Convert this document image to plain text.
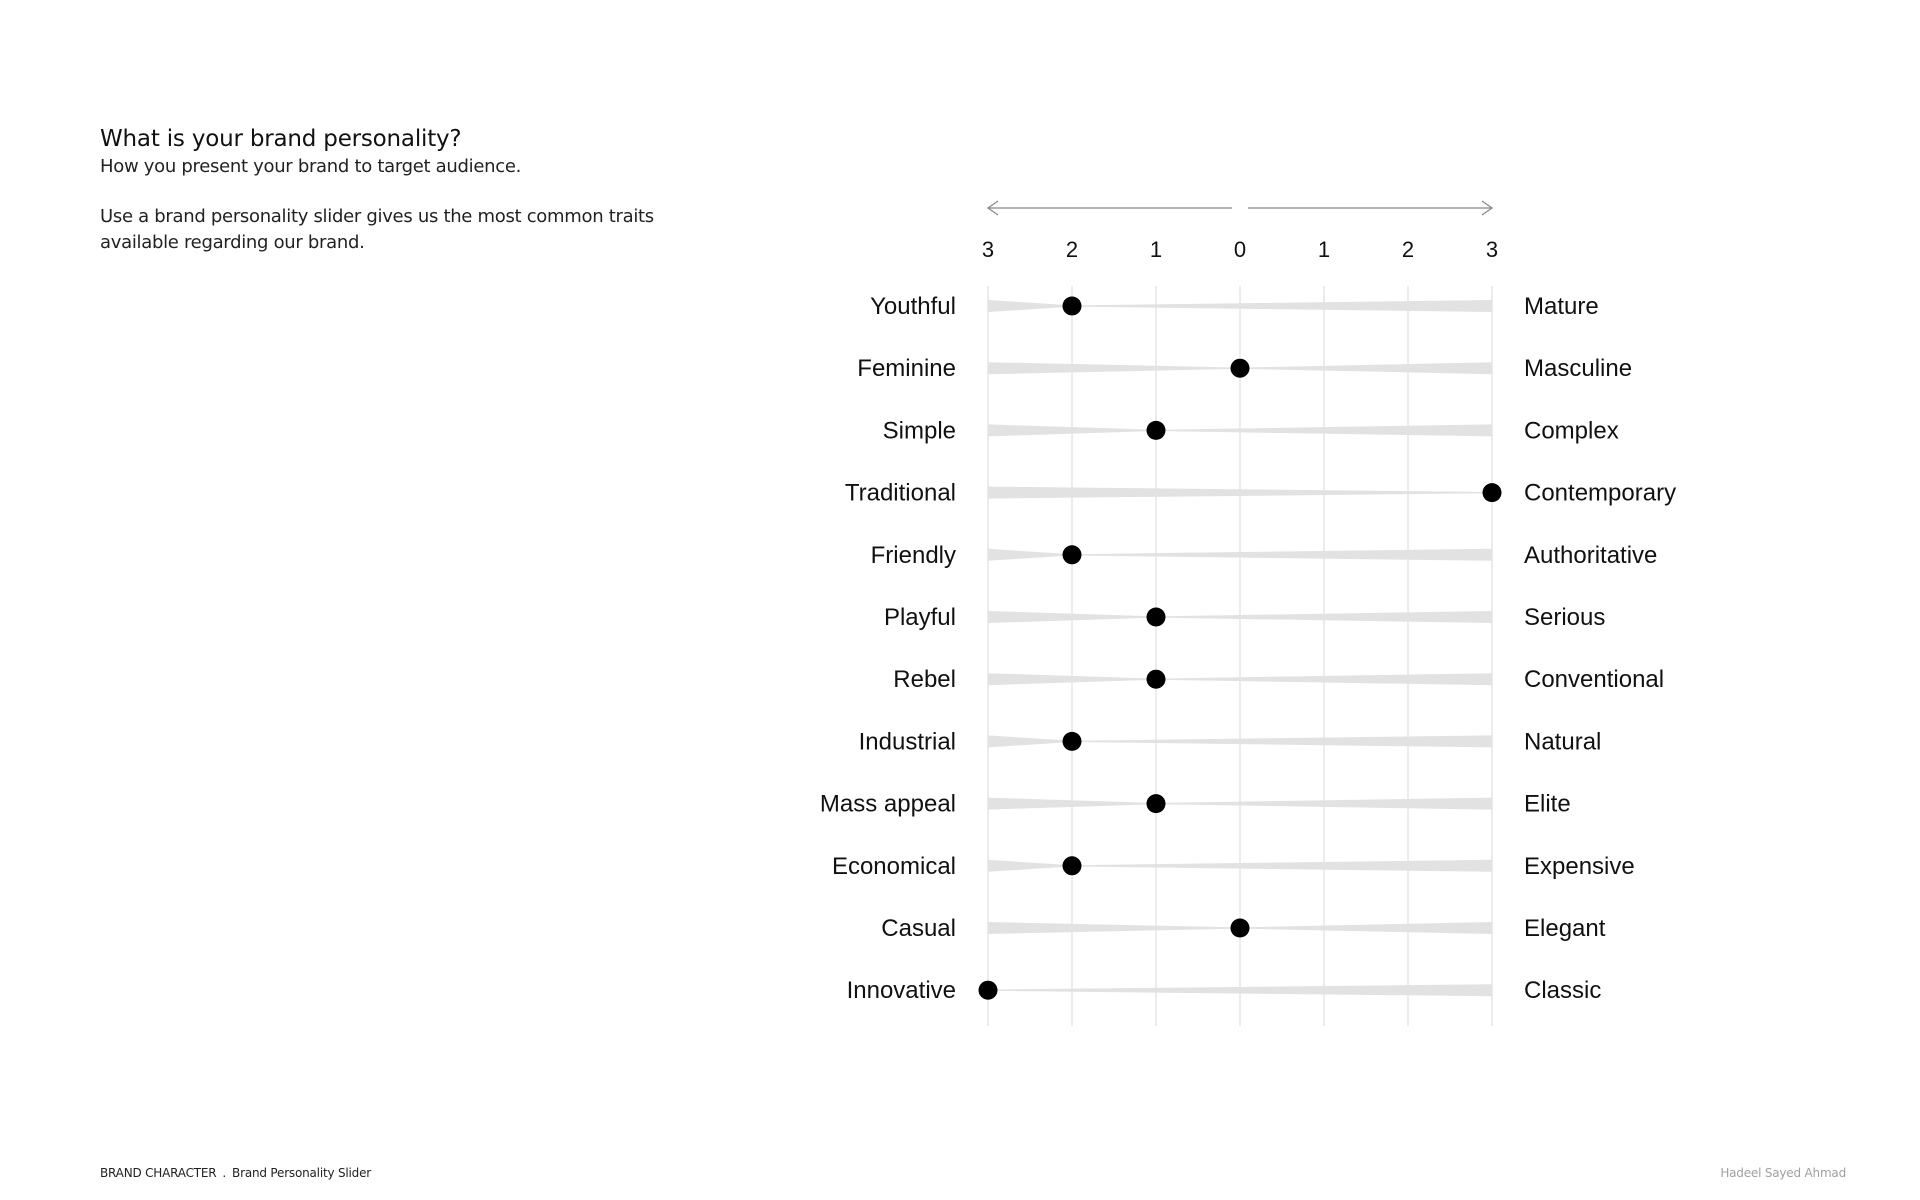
What is your brand personality?

How you present your brand to target audience.

Use a brand personality slider gives us the most common traits available regarding our brand.	3	2	1	0	1	2	3
Youthful	Mature
Feminine	Masculine
Simple	Complex
Traditional	Contemporary
Friendly	Authoritative
Playful	Serious
Rebel	Conventional
Industrial	Natural
Mass appeal	Elite
Economical	Expensive
Casual	Elegant
Innovative	Classic
BRAND CHARACTER . Brand Personality Slider	Hadeel Sayed Ahmad
